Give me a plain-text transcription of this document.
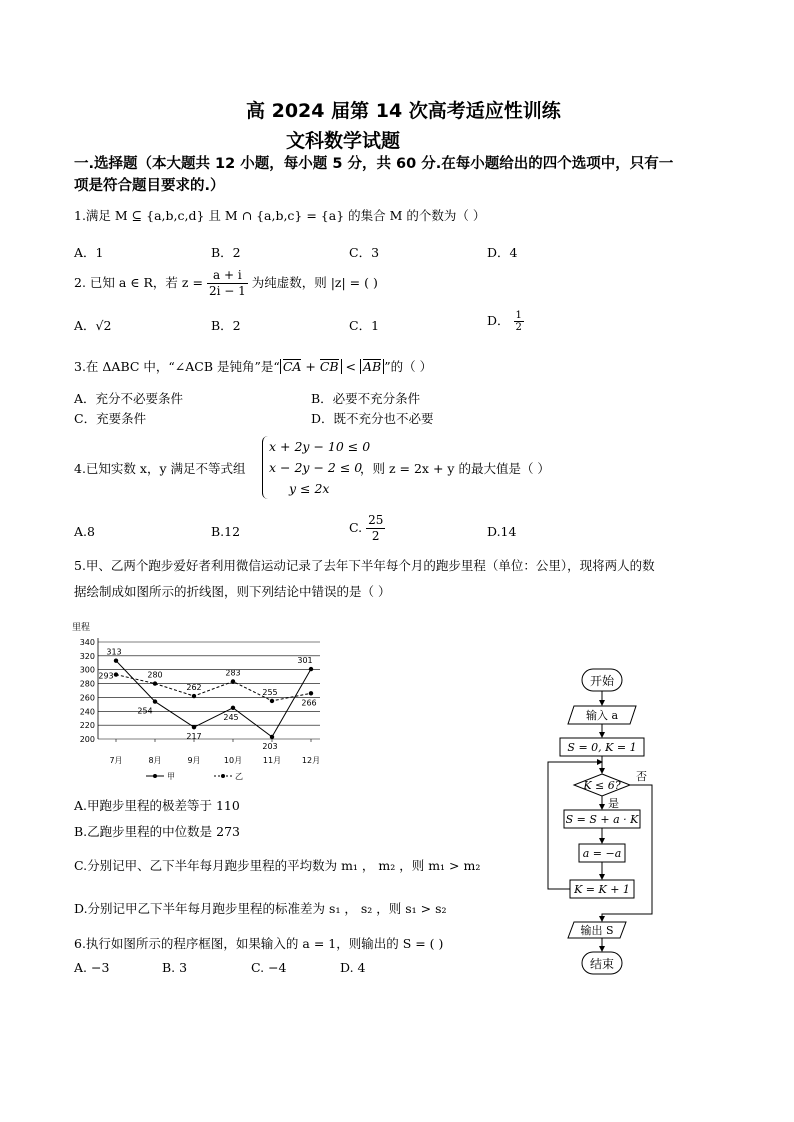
高 2024 届第 14 次高考适应性训练
文科数学试题
一.选择题（本大题共 12 小题，每小题 5 分，共 60 分.在每小题给出的四个选项中，只有一
项是符合题目要求的.）
1.满足 M ⊆ {a,b,c,d} 且 M ∩ {a,b,c} = {a} 的集合 M 的个数为（ ）
A．1	B．2	C．3	D．4
2. 已知 a ∈ R，若 $z = \frac{a + i}{2i - 1}$ 为纯虚数，则 |z| = ( )
A．√2	B．2	C．1	D． $\frac{1}{2}$
3.在 ΔABC 中，“∠ACB 是钝角”是“ CA + CB < AB ”的（ ）
A．充分不必要条件	B．必要不充分条件
C．充要条件	D．既不充分也不必要
4.已知实数 x，y 满足不等式组
x + 2y − 10 ≤ 0
x − 2y − 2 ≤ 0
y ≤ 2x
，则 z = 2x + y 的最大值是（ ）
A.8	B.12	C. $\frac{25}{2}$	D.14
5.甲、乙两个跑步爱好者利用微信运动记录了去年下半年每个月的跑步里程（单位：公里），现将两人的数
据绘制成如图所示的折线图，则下列结论中错误的是（ ）
里程
340
320
300
280
260
240
220
200
7月	8月	9月	10月	11月	12月
313
254
217
245
203
301
293	280
262
283
255
266
甲	乙
A.甲跑步里程的极差等于 110
B.乙跑步里程的中位数是 273
C.分别记甲、乙下半年每月跑步里程的平均数为 m₁ ， m₂ ，则 m₁ > m₂
D.分别记甲乙下半年每月跑步里程的标准差为 s₁ ， s₂ ，则 s₁ > s₂
6.执行如图所示的程序框图，如果输入的 a = 1，则输出的 S = ( )
A. −3	B. 3	C. −4	D. 4
开始
输入 a
S = 0, K = 1
K ≤ 6?
否
是
S = S + a · K
a = −a
K = K + 1
输出 S
结束
